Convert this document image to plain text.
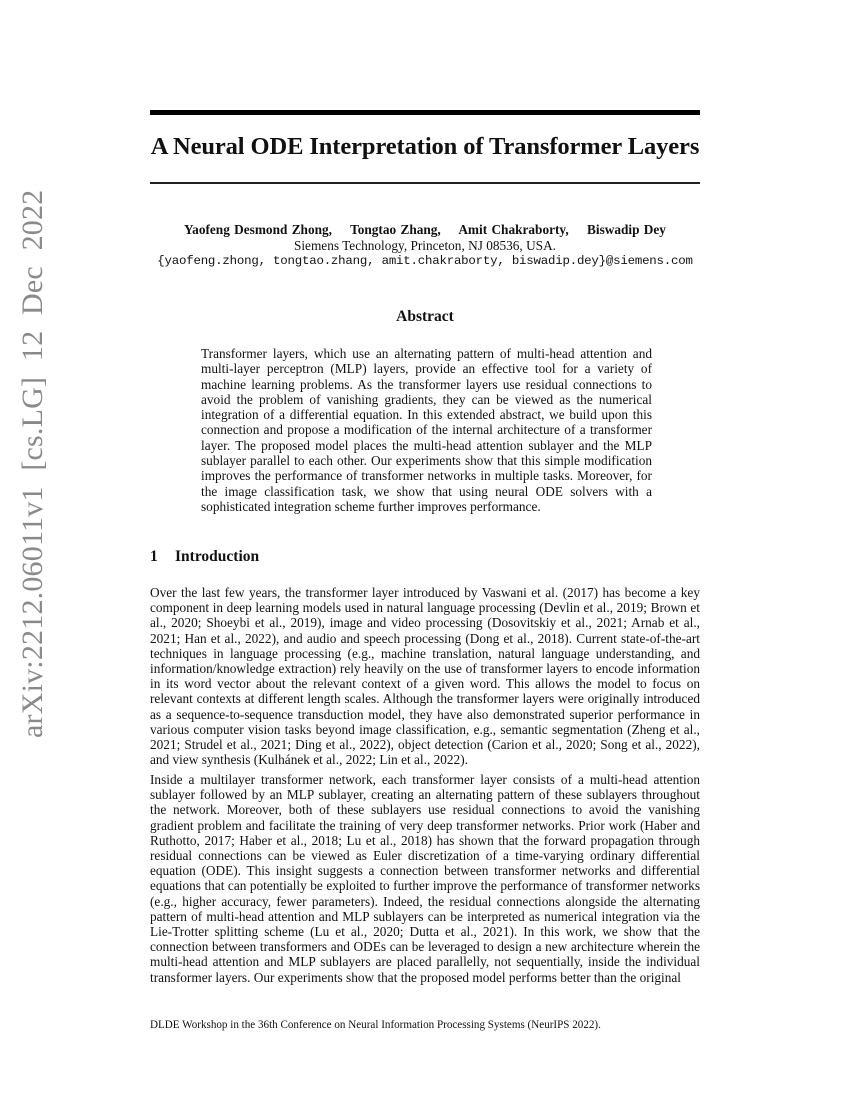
arXiv:2212.06011v1 [cs.LG] 12 Dec 2022
A Neural ODE Interpretation of Transformer Layers
Yaofeng Desmond Zhong, Tongtao Zhang, Amit Chakraborty, Biswadip Dey
Siemens Technology, Princeton, NJ 08536, USA.
{yaofeng.zhong, tongtao.zhang, amit.chakraborty, biswadip.dey}@siemens.com
Abstract
Transformer layers, which use an alternating pattern of multi-head attention and multi-layer perceptron (MLP) layers, provide an effective tool for a variety of machine learning problems. As the transformer layers use residual connections to avoid the problem of vanishing gradients, they can be viewed as the numerical integration of a differential equation. In this extended abstract, we build upon this connection and propose a modification of the internal architecture of a transformer layer. The proposed model places the multi-head attention sublayer and the MLP sublayer parallel to each other. Our experiments show that this simple modification improves the performance of transformer networks in multiple tasks. Moreover, for the image classification task, we show that using neural ODE solvers with a sophisticated integration scheme further improves performance.
1 Introduction

Over the last few years, the transformer layer introduced by Vaswani et al. (2017) has become a key component in deep learning models used in natural language processing (Devlin et al., 2019; Brown et al., 2020; Shoeybi et al., 2019), image and video processing (Dosovitskiy et al., 2021; Arnab et al., 2021; Han et al., 2022), and audio and speech processing (Dong et al., 2018). Current state-of-the-art techniques in language processing (e.g., machine translation, natural language understanding, and information/knowledge extraction) rely heavily on the use of transformer layers to encode information in its word vector about the relevant context of a given word. This allows the model to focus on relevant contexts at different length scales. Although the transformer layers were originally introduced as a sequence-to-sequence transduction model, they have also demonstrated superior performance in various computer vision tasks beyond image classification, e.g., semantic segmentation (Zheng et al., 2021; Strudel et al., 2021; Ding et al., 2022), object detection (Carion et al., 2020; Song et al., 2022), and view synthesis (Kulhánek et al., 2022; Lin et al., 2022).

Inside a multilayer transformer network, each transformer layer consists of a multi-head attention sublayer followed by an MLP sublayer, creating an alternating pattern of these sublayers throughout the network. Moreover, both of these sublayers use residual connections to avoid the vanishing gradient problem and facilitate the training of very deep transformer networks. Prior work (Haber and Ruthotto, 2017; Haber et al., 2018; Lu et al., 2018) has shown that the forward propagation through residual connections can be viewed as Euler discretization of a time-varying ordinary differential equation (ODE). This insight suggests a connection between transformer networks and differential equations that can potentially be exploited to further improve the performance of transformer networks (e.g., higher accuracy, fewer parameters). Indeed, the residual connections alongside the alternating pattern of multi-head attention and MLP sublayers can be interpreted as numerical integration via the Lie-Trotter splitting scheme (Lu et al., 2020; Dutta et al., 2021). In this work, we show that the connection between transformers and ODEs can be leveraged to design a new architecture wherein the multi-head attention and MLP sublayers are placed parallelly, not sequentially, inside the individual transformer layers. Our experiments show that the proposed model performs better than the original

DLDE Workshop in the 36th Conference on Neural Information Processing Systems (NeurIPS 2022).
